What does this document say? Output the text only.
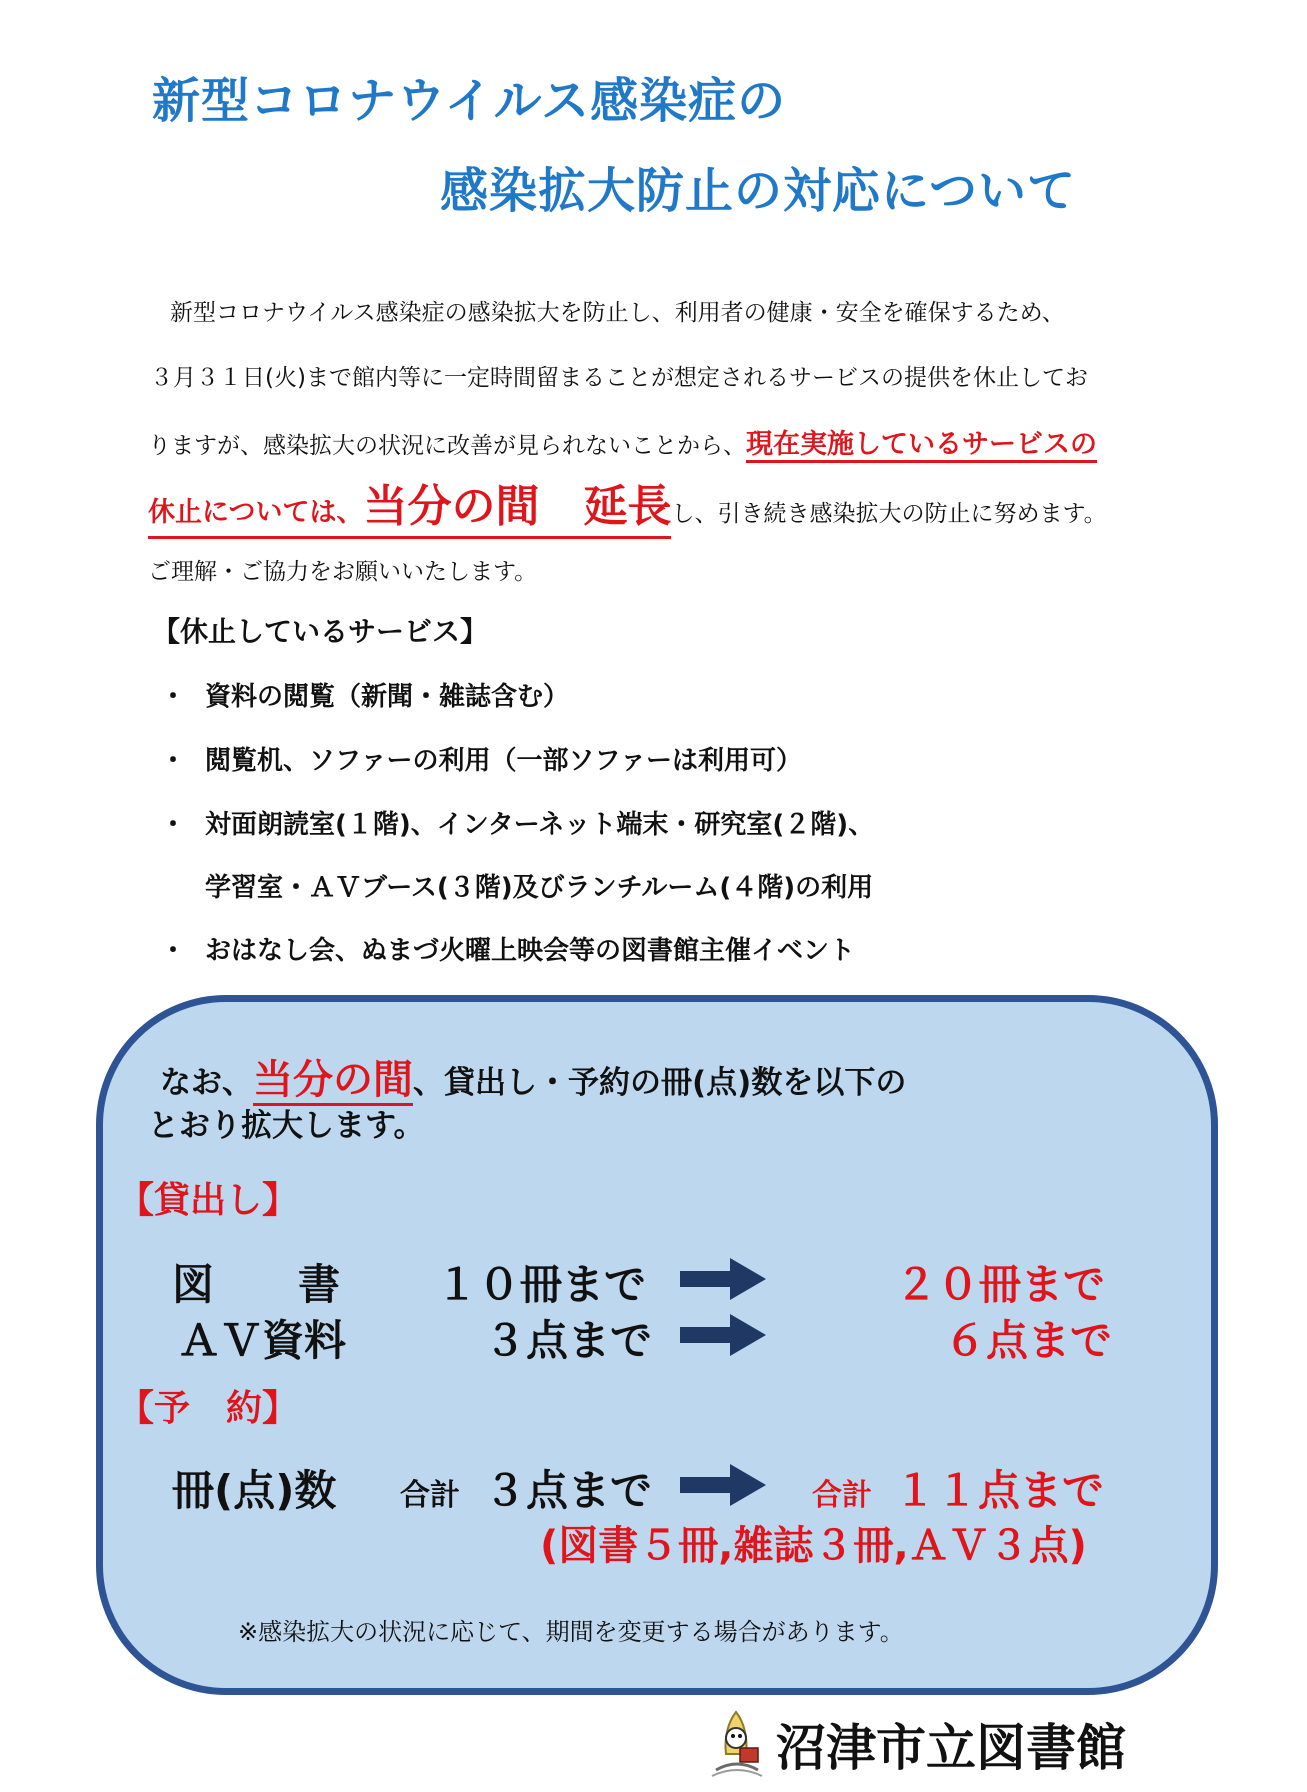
新型コロナウイルス感染症の
感染拡大防止の対応について
新型コロナウイルス感染症の感染拡大を防止し、利用者の健康・安全を確保するため、
３月３１日(火)まで館内等に一定時間留まることが想定されるサービスの提供を休止してお
りますが、感染拡大の状況に改善が見られないことから、現在実施しているサービスの
休止については、当分の間　延長し、引き続き感染拡大の防止に努めます。
ご理解・ご協力をお願いいたします。
【休止しているサービス】
・ 資料の閲覧（新聞・雑誌含む）
・ 閲覧机、ソファーの利用（一部ソファーは利用可）
・ 対面朗読室(１階)、インターネット端末・研究室(２階)、
学習室・ＡＶブース(３階)及びランチルーム(４階)の利用
・ おはなし会、ぬまづ火曜上映会等の図書館主催イベント
なお、当分の間、貸出し・予約の冊(点)数を以下の
とおり拡大します。
【貸出し】
図　　書 １０冊まで	２０冊まで
ＡＶ資料	３点まで	６点まで
【予　約】
冊(点)数 合計 ３点まで	合計 １１点まで
(図書５冊,雑誌３冊,ＡＶ３点)
※感染拡大の状況に応じて、期間を変更する場合があります。
沼津市立図書館
